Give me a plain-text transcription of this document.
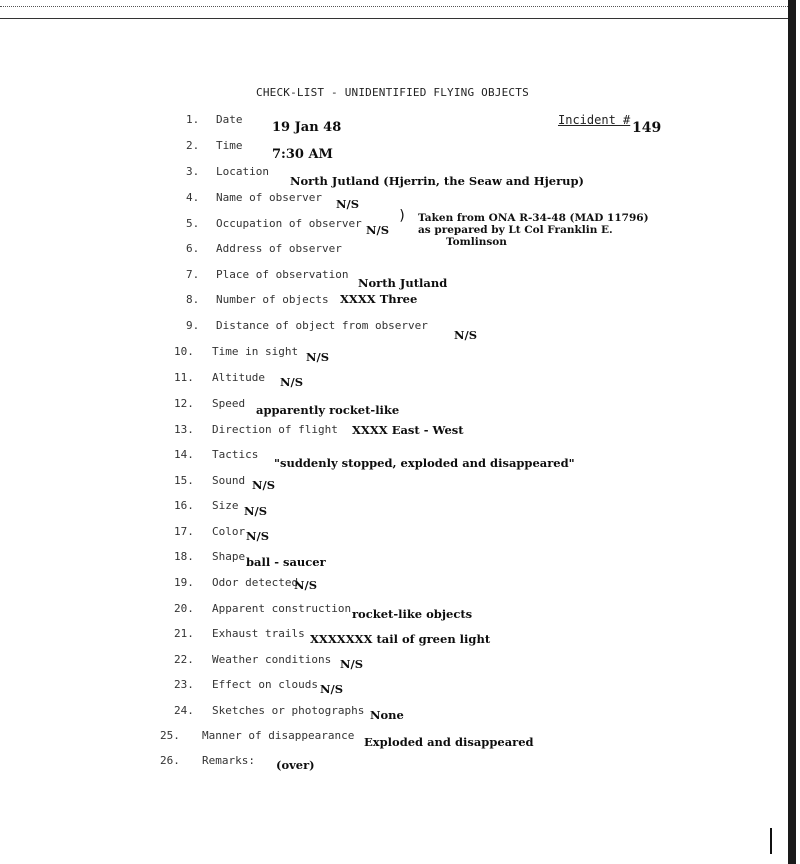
CHECK-LIST - UNIDENTIFIED FLYING OBJECTS
Incident # 149
) Taken from ONA R-34-48 (MAD 11796)
as prepared by Lt Col Franklin E.
Tomlinson
1. Date
19 Jan 48
2. Time
7:30 AM
3. Location
North Jutland (Hjerrin, the Seaw and Hjerup)
4. Name of observer N/S
5. Occupation of observer N/S
6. Address of observer
7. Place of observation
North Jutland
8. Number of objects XXXX Three
9. Distance of object from observer
N/S
10. Time in sight N/S
11. Altitude N/S
12. Speed apparently rocket-like
13. Direction of flight XXXX East - West
14. Tactics
"suddenly stopped, exploded and disappeared"
15. Sound N/S
16. Size N/S
17. Color N/S
18. Shape ball - saucer
19. Odor detected
N/S
20. Apparent construction rocket-like objects
21. Exhaust trails XXXXXXX tail of green light
22. Weather conditions N/S
23. Effect on clouds N/S
24. Sketches or photographs None
25. Manner of disappearance Exploded and disappeared
26. Remarks: (over)
